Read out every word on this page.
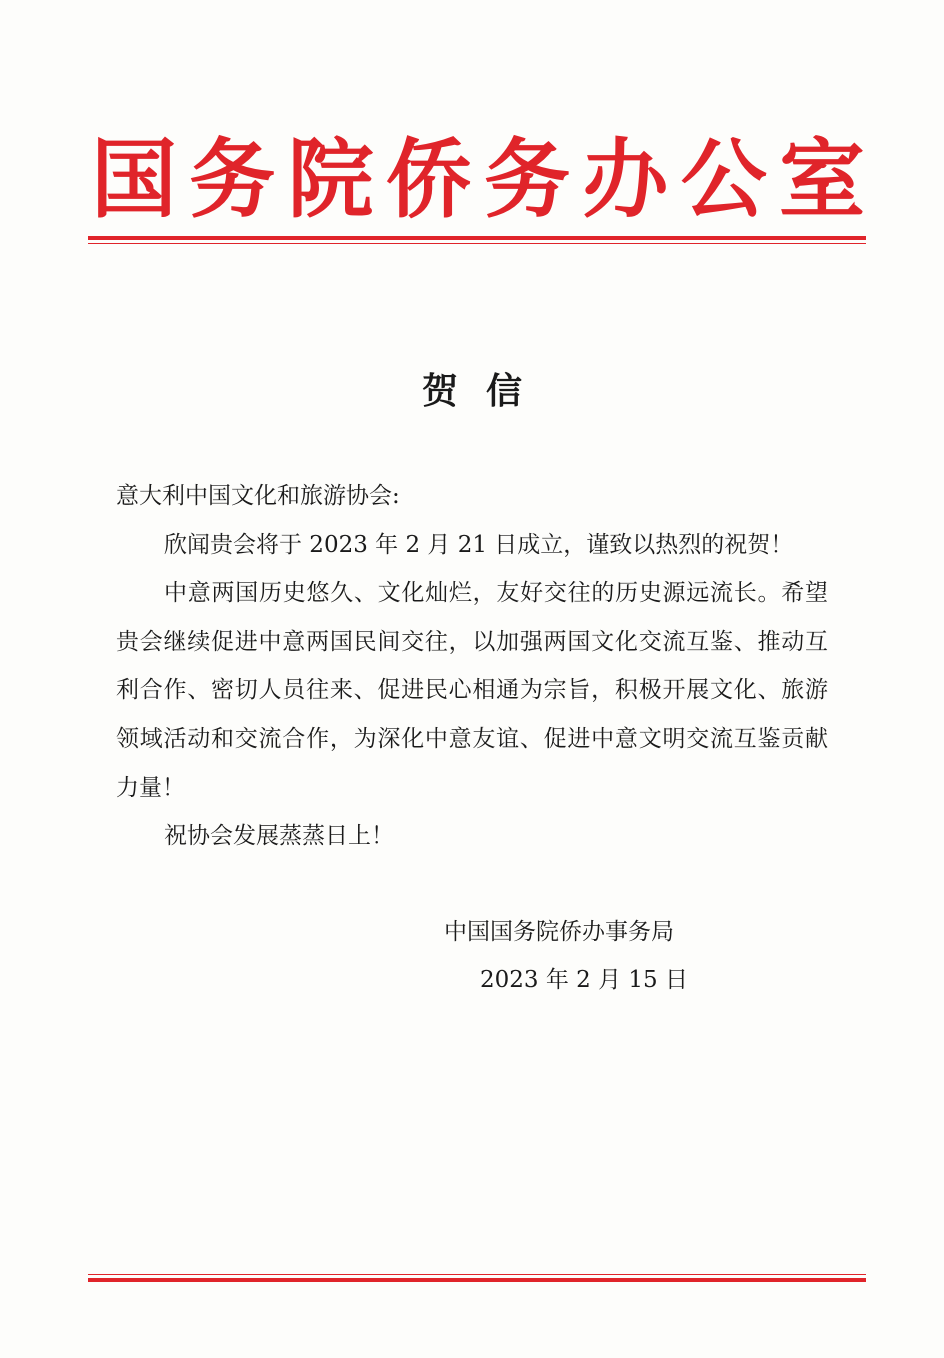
国 务 院 侨 务 办 公 室
贺信

意大利中国文化和旅游协会:

欣闻贵会将于 2023 年 2 月 21 日成立，谨致以热烈的祝贺！

中意两国历史悠久、文化灿烂，友好交往的历史源远流长。希望贵会继续促进中意两国民间交往，以加强两国文化交流互鉴、推动互利合作、密切人员往来、促进民心相通为宗旨，积极开展文化、旅游领域活动和交流合作，为深化中意友谊、促进中意文明交流互鉴贡献力量！

祝协会发展蒸蒸日上！

中国国务院侨办事务局

2023 年 2 月 15 日
